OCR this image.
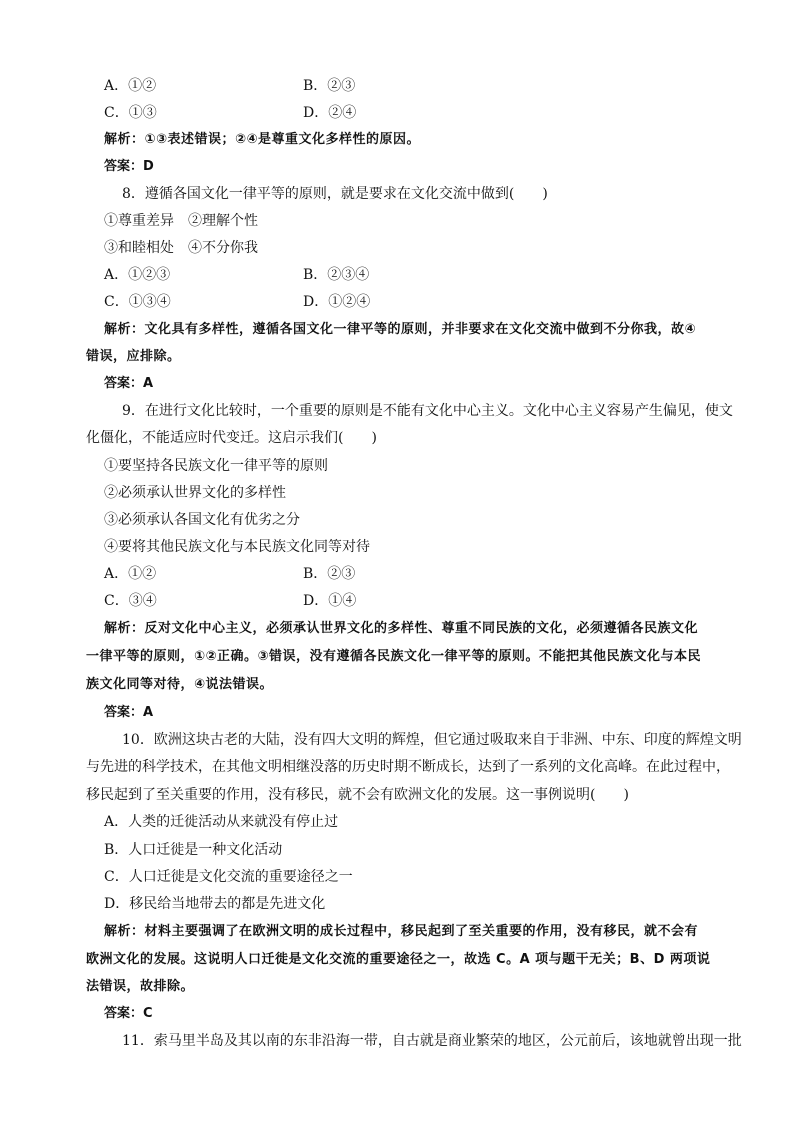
A．①②	B．②③
C．①③	D．②④
解析：①③表述错误；②④是尊重文化多样性的原因。
答案：D
8．遵循各国文化一律平等的原则，就是要求在文化交流中做到(　　)
①尊重差异　②理解个性
③和睦相处　④不分你我
A．①②③	B．②③④
C．①③④	D．①②④
解析：文化具有多样性，遵循各国文化一律平等的原则，并非要求在文化交流中做到不分你我，故④
错误，应排除。
答案：A
9．在进行文化比较时，一个重要的原则是不能有文化中心主义。文化中心主义容易产生偏见，使文
化僵化，不能适应时代变迁。这启示我们(　　)
①要坚持各民族文化一律平等的原则
②必须承认世界文化的多样性
③必须承认各国文化有优劣之分
④要将其他民族文化与本民族文化同等对待
A．①②	B．②③
C．③④	D．①④
解析：反对文化中心主义，必须承认世界文化的多样性、尊重不同民族的文化，必须遵循各民族文化
一律平等的原则，①②正确。③错误，没有遵循各民族文化一律平等的原则。不能把其他民族文化与本民
族文化同等对待，④说法错误。
答案：A
10．欧洲这块古老的大陆，没有四大文明的辉煌，但它通过吸取来自于非洲、中东、印度的辉煌文明
与先进的科学技术，在其他文明相继没落的历史时期不断成长，达到了一系列的文化高峰。在此过程中，
移民起到了至关重要的作用，没有移民，就不会有欧洲文化的发展。这一事例说明(　　)
A．人类的迁徙活动从来就没有停止过
B．人口迁徙是一种文化活动
C．人口迁徙是文化交流的重要途径之一
D．移民给当地带去的都是先进文化
解析：材料主要强调了在欧洲文明的成长过程中，移民起到了至关重要的作用，没有移民，就不会有
欧洲文化的发展。这说明人口迁徙是文化交流的重要途径之一，故选 C。A 项与题干无关；B、D 两项说
法错误，故排除。
答案：C
11．索马里半岛及其以南的东非沿海一带，自古就是商业繁荣的地区，公元前后，该地就曾出现一批
